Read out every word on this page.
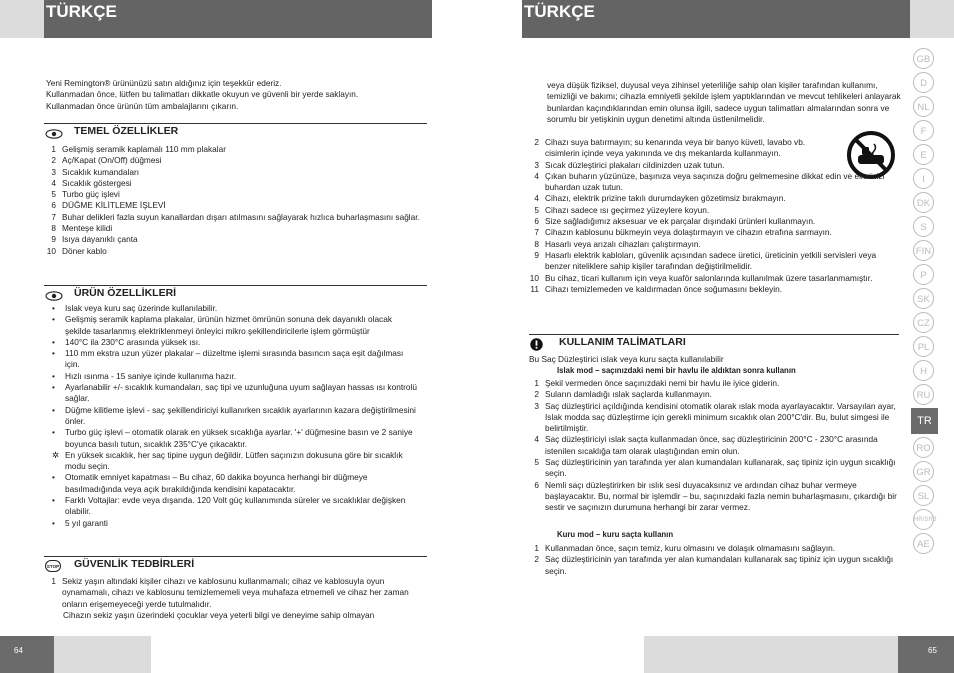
TÜRKÇE	TÜRKÇE

Yeni Remington® ürününüzü satın aldığınız için teşekkür ederiz.

Kullanmadan önce, lütfen bu talimatları dikkatle okuyun ve güvenli bir yerde saklayın.

Kullanmadan önce ürünün tüm ambalajlarını çıkarın.

TEMEL ÖZELLİKLER
1 Gelişmiş seramik kaplamalı 110 mm plakalar
2 Aç/Kapat (On/Off) düğmesi
3 Sıcaklık kumandaları
4 Sıcaklık göstergesi
5 Turbo güç işlevi
6 DÜĞME KİLİTLEME İŞLEVİ
7 Buhar delikleri fazla suyun kanallardan dışarı atılmasını sağlayarak hızlıca buharlaşmasını sağlar.
8 Menteşe kilidi
9 Isıya dayanıklı çanta
10 Döner kablo
ÜRÜN ÖZELLİKLERİ
• Islak veya kuru saç üzerinde kullanılabilir.
• Gelişmiş seramik kaplama plakalar, ürünün hizmet ömrünün sonuna dek dayanıklı olacak şekilde tasarlanmış elektriklenmeyi önleyici mikro şekillendiricilerle işlem görmüştür
• 140°C ila 230°C arasında yüksek ısı.
• 110 mm ekstra uzun yüzer plakalar – düzeltme işlemi sırasında basıncın saça eşit dağılması için.
• Hızlı ısınma - 15 saniye içinde kullanıma hazır.
• Ayarlanabilir +/- sıcaklık kumandaları, saç tipi ve uzunluğuna uyum sağlayan hassas ısı kontrolü sağlar.
• Düğme kilitleme işlevi - saç şekillendiriciyi kullanırken sıcaklık ayarlarının kazara değiştirilmesini önler.
• Turbo güç işlevi – otomatik olarak en yüksek sıcaklığa ayarlar. '+' düğmesine basın ve 2 saniye boyunca basılı tutun, sıcaklık 235°C'ye çıkacaktır.
✲ En yüksek sıcaklık, her saç tipine uygun değildir. Lütfen saçınızın dokusuna göre bir sıcaklık modu seçin.
• Otomatik emniyet kapatması – Bu cihaz, 60 dakika boyunca herhangi bir düğmeye basılmadığında veya açık bırakıldığında kendisini kapatacaktır.
• Farklı Voltajlar: evde veya dışarıda. 120 Volt güç kullanımında süreler ve sıcaklıklar değişken olabilir.
• 5 yıl garanti
STOP GÜVENLİK TEDBİRLERİ
1 Sekiz yaşın altındaki kişiler cihazı ve kablosunu kullanmamalı; cihaz ve kablosuyla oyun oynamamalı, cihazı ve kablosunu temizlememeli veya muhafaza etmemeli ve cihaz her zaman onların erişemeyeceği yerde tutulmalıdır.
Cihazın sekiz yaşın üzerindeki çocuklar veya yeterli bilgi ve deneyime sahip olmayan
veya düşük fiziksel, duyusal veya zihinsel yeterliliğe sahip olan kişiler tarafından kullanımı, temizliği ve bakımı; cihazla emniyetli şekilde işlem yaptıklarından ve mevcut tehlikeleri anlayarak bunlardan kaçındıklarından emin olunsa ilgili, sadece uygun talimatları almalarından sonra ve sorumlu bir yetişkinin uygun denetimi altında üstlenilmelidir.
2 Cihazı suya batırmayın; su kenarında veya bir banyo küveti, lavabo vb. cisimlerin içinde veya yakınında ve dış mekanlarda kullanmayın.
3 Sıcak düzleştirici plakaları cildinizden uzak tutun.
4 Çıkan buharın yüzünüze, başınıza veya saçınıza doğru gelmemesine dikkat edin ve ellerinizi buhardan uzak tutun.
4 Cihazı, elektrik prizine takılı durumdayken gözetimsiz bırakmayın.
5 Cihazı sadece ısı geçirmez yüzeylere koyun.
6 Size sağladığımız aksesuar ve ek parçalar dışındaki ürünleri kullanmayın.
7 Cihazın kablosunu bükmeyin veya dolaştırmayın ve cihazın etrafına sarmayın.
8 Hasarlı veya arızalı cihazları çalıştırmayın.
9 Hasarlı elektrik kabloları, güvenlik açısından sadece üretici, üreticinin yetkili servisleri veya benzer niteliklere sahip kişiler tarafından değiştirilmelidir.
10 Bu cihaz, ticari kullanım için veya kuaför salonlarında kullanılmak üzere tasarlanmamıştır.
11 Cihazı temizlemeden ve kaldırmadan önce soğumasını bekleyin.
KULLANIM TALİMATLARI

Bu Saç Düzleştirici ıslak veya kuru saçta kullanılabilir

Islak mod – saçınızdaki nemi bir havlu ile aldıktan sonra kullanın

1 Şekil vermeden önce saçınızdaki nemi bir havlu ile iyice giderin.
2 Suların damladığı ıslak saçlarda kullanmayın.
3 Saç düzleştirici açıldığında kendisini otomatik olarak ıslak moda ayarlayacaktır. Varsayılan ayar, Islak modda saç düzleştirme için gerekli minimum sıcaklık olan 200°C'dir. Bu, bulut simgesi ile belirtilmiştir.
4 Saç düzleştiriciyi ıslak saçta kullanmadan önce, saç düzleştiricinin 200°C - 230°C arasında istenilen sıcaklığa tam olarak ulaştığından emin olun.
5 Saç düzleştiricinin yan tarafında yer alan kumandaları kullanarak, saç tipiniz için uygun sıcaklığı seçin.
6 Nemli saçı düzleştirirken bir ıslık sesi duyacaksınız ve ardından cihaz buhar vermeye başlayacaktır. Bu, normal bir işlemdir – bu, saçınızdaki fazla nemin buharlaşmasını, çıkardığı bir sestir ve saçınızın durumuna herhangi bir zarar vermez.
Kuru mod – kuru saçta kullanın
1 Kullanmadan önce, saçın temiz, kuru olmasını ve dolaşık olmamasını sağlayın.
2 Saç düzleştiricinin yan tarafında yer alan kumandaları kullanarak saç tipiniz için uygun sıcaklığı seçin.
GB
D
NL
F
E
I
DK
S
FIN
P
SK
CZ
PL
H
RU
TR
RO
GR
SL
HR/SRB
AE
64	65
